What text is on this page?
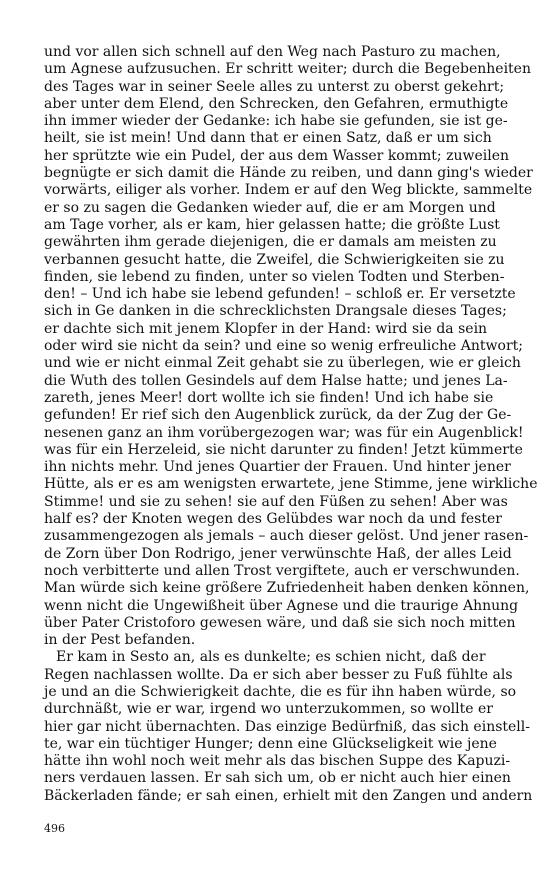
und vor allen sich schnell auf den Weg nach Pasturo zu machen,
um Agnese aufzusuchen. Er schritt weiter; durch die Begebenheiten
des Tages war in seiner Seele alles zu unterst zu oberst gekehrt;
aber unter dem Elend, den Schrecken, den Gefahren, ermuthigte
ihn immer wieder der Gedanke: ich habe sie gefunden, sie ist ge-
heilt, sie ist mein! Und dann that er einen Satz, daß er um sich
her sprützte wie ein Pudel, der aus dem Wasser kommt; zuweilen
begnügte er sich damit die Hände zu reiben, und dann ging's wieder
vorwärts, eiliger als vorher. Indem er auf den Weg blickte, sammelte
er so zu sagen die Gedanken wieder auf, die er am Morgen und
am Tage vorher, als er kam, hier gelassen hatte; die größte Lust
gewährten ihm gerade diejenigen, die er damals am meisten zu
verbannen gesucht hatte, die Zweifel, die Schwierigkeiten sie zu
finden, sie lebend zu finden, unter so vielen Todten und Sterben-
den! – Und ich habe sie lebend gefunden! – schloß er. Er versetzte
sich in Ge danken in die schrecklichsten Drangsale dieses Tages;
er dachte sich mit jenem Klopfer in der Hand: wird sie da sein
oder wird sie nicht da sein? und eine so wenig erfreuliche Antwort;
und wie er nicht einmal Zeit gehabt sie zu überlegen, wie er gleich
die Wuth des tollen Gesindels auf dem Halse hatte; und jenes La-
zareth, jenes Meer! dort wollte ich sie finden! Und ich habe sie
gefunden! Er rief sich den Augenblick zurück, da der Zug der Ge-
nesenen ganz an ihm vorübergezogen war; was für ein Augenblick!
was für ein Herzeleid, sie nicht darunter zu finden! Jetzt kümmerte
ihn nichts mehr. Und jenes Quartier der Frauen. Und hinter jener
Hütte, als er es am wenigsten erwartete, jene Stimme, jene wirkliche
Stimme! und sie zu sehen! sie auf den Füßen zu sehen! Aber was
half es? der Knoten wegen des Gelübdes war noch da und fester
zusammengezogen als jemals – auch dieser gelöst. Und jener rasen-
de Zorn über Don Rodrigo, jener verwünschte Haß, der alles Leid
noch verbitterte und allen Trost vergiftete, auch er verschwunden.
Man würde sich keine größere Zufriedenheit haben denken können,
wenn nicht die Ungewißheit über Agnese und die traurige Ahnung
über Pater Cristoforo gewesen wäre, und daß sie sich noch mitten
in der Pest befanden.
Er kam in Sesto an, als es dunkelte; es schien nicht, daß der
Regen nachlassen wollte. Da er sich aber besser zu Fuß fühlte als
je und an die Schwierigkeit dachte, die es für ihn haben würde, so
durchnäßt, wie er war, irgend wo unterzukommen, so wollte er
hier gar nicht übernachten. Das einzige Bedürfniß, das sich einstell-
te, war ein tüchtiger Hunger; denn eine Glückseligkeit wie jene
hätte ihn wohl noch weit mehr als das bischen Suppe des Kapuzi-
ners verdauen lassen. Er sah sich um, ob er nicht auch hier einen
Bäckerladen fände; er sah einen, erhielt mit den Zangen und andern
496
